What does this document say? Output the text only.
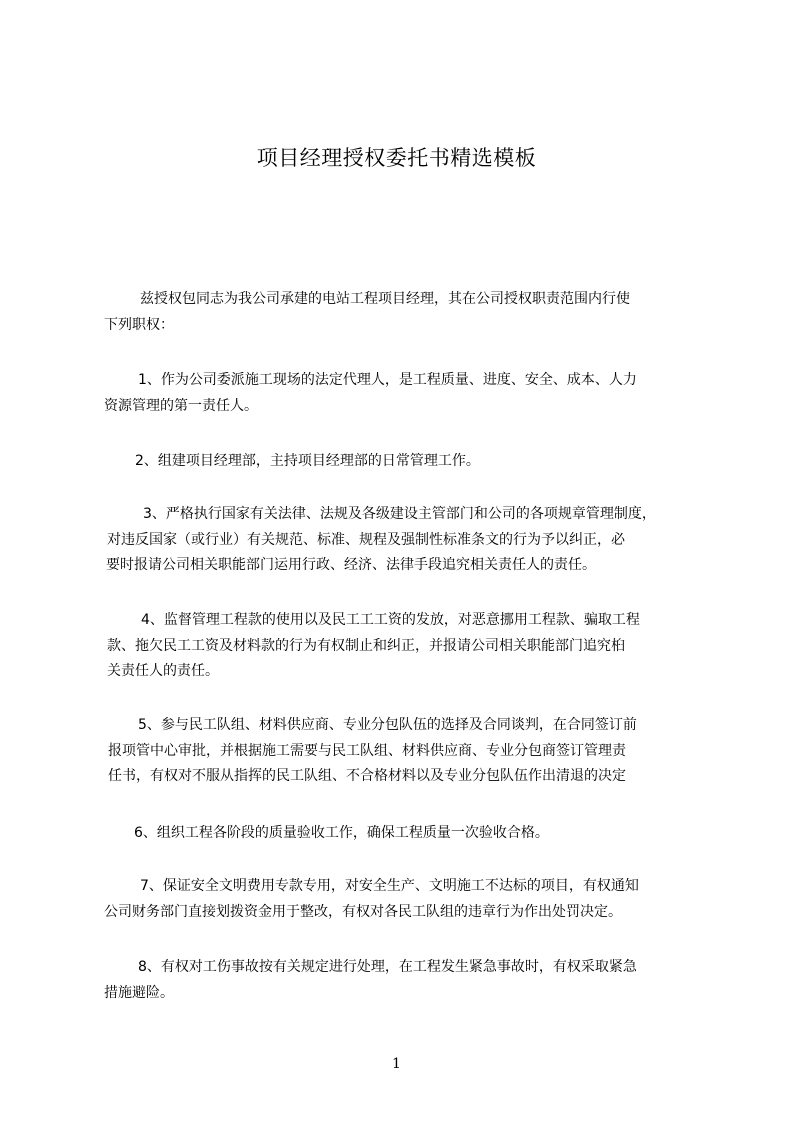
项目经理授权委托书精选模板
兹授权包同志为我公司承建的电站工程项目经理，其在公司授权职责范围内行使
下列职权：
1、作为公司委派施工现场的法定代理人，是工程质量、进度、安全、成本、人力
资源管理的第一责任人。
2、组建项目经理部，主持项目经理部的日常管理工作。
3、严格执行国家有关法律、法规及各级建设主管部门和公司的各项规章管理制度，
对违反国家（或行业）有关规范、标准、规程及强制性标准条文的行为予以纠正，必
要时报请公司相关职能部门运用行政、经济、法律手段追究相关责任人的责任。
4、监督管理工程款的使用以及民工工工资的发放，对恶意挪用工程款、骗取工程
款、拖欠民工工资及材料款的行为有权制止和纠正，并报请公司相关职能部门追究桕
关责任人的责任。
5、参与民工队组、材料供应商、专业分包队伍的选择及合同谈判，在合同签订前
报项管中心审批，并根据施工需要与民工队组、材料供应商、专业分包商签订管理责
任书，有权对不服从指挥的民工队组、不合格材料以及专业分包队伍作出清退的决定
6、组织工程各阶段的质量验收工作，确保工程质量一次验收合格。
7、保证安全文明费用专款专用，对安全生产、文明施工不达标的项目，有权通知
公司财务部门直接划拨资金用于整改，有权对各民工队组的违章行为作出处罚决定。
8、有权对工伤事故按有关规定进行处理，在工程发生紧急事故时，有权采取紧急
措施避险。
1
